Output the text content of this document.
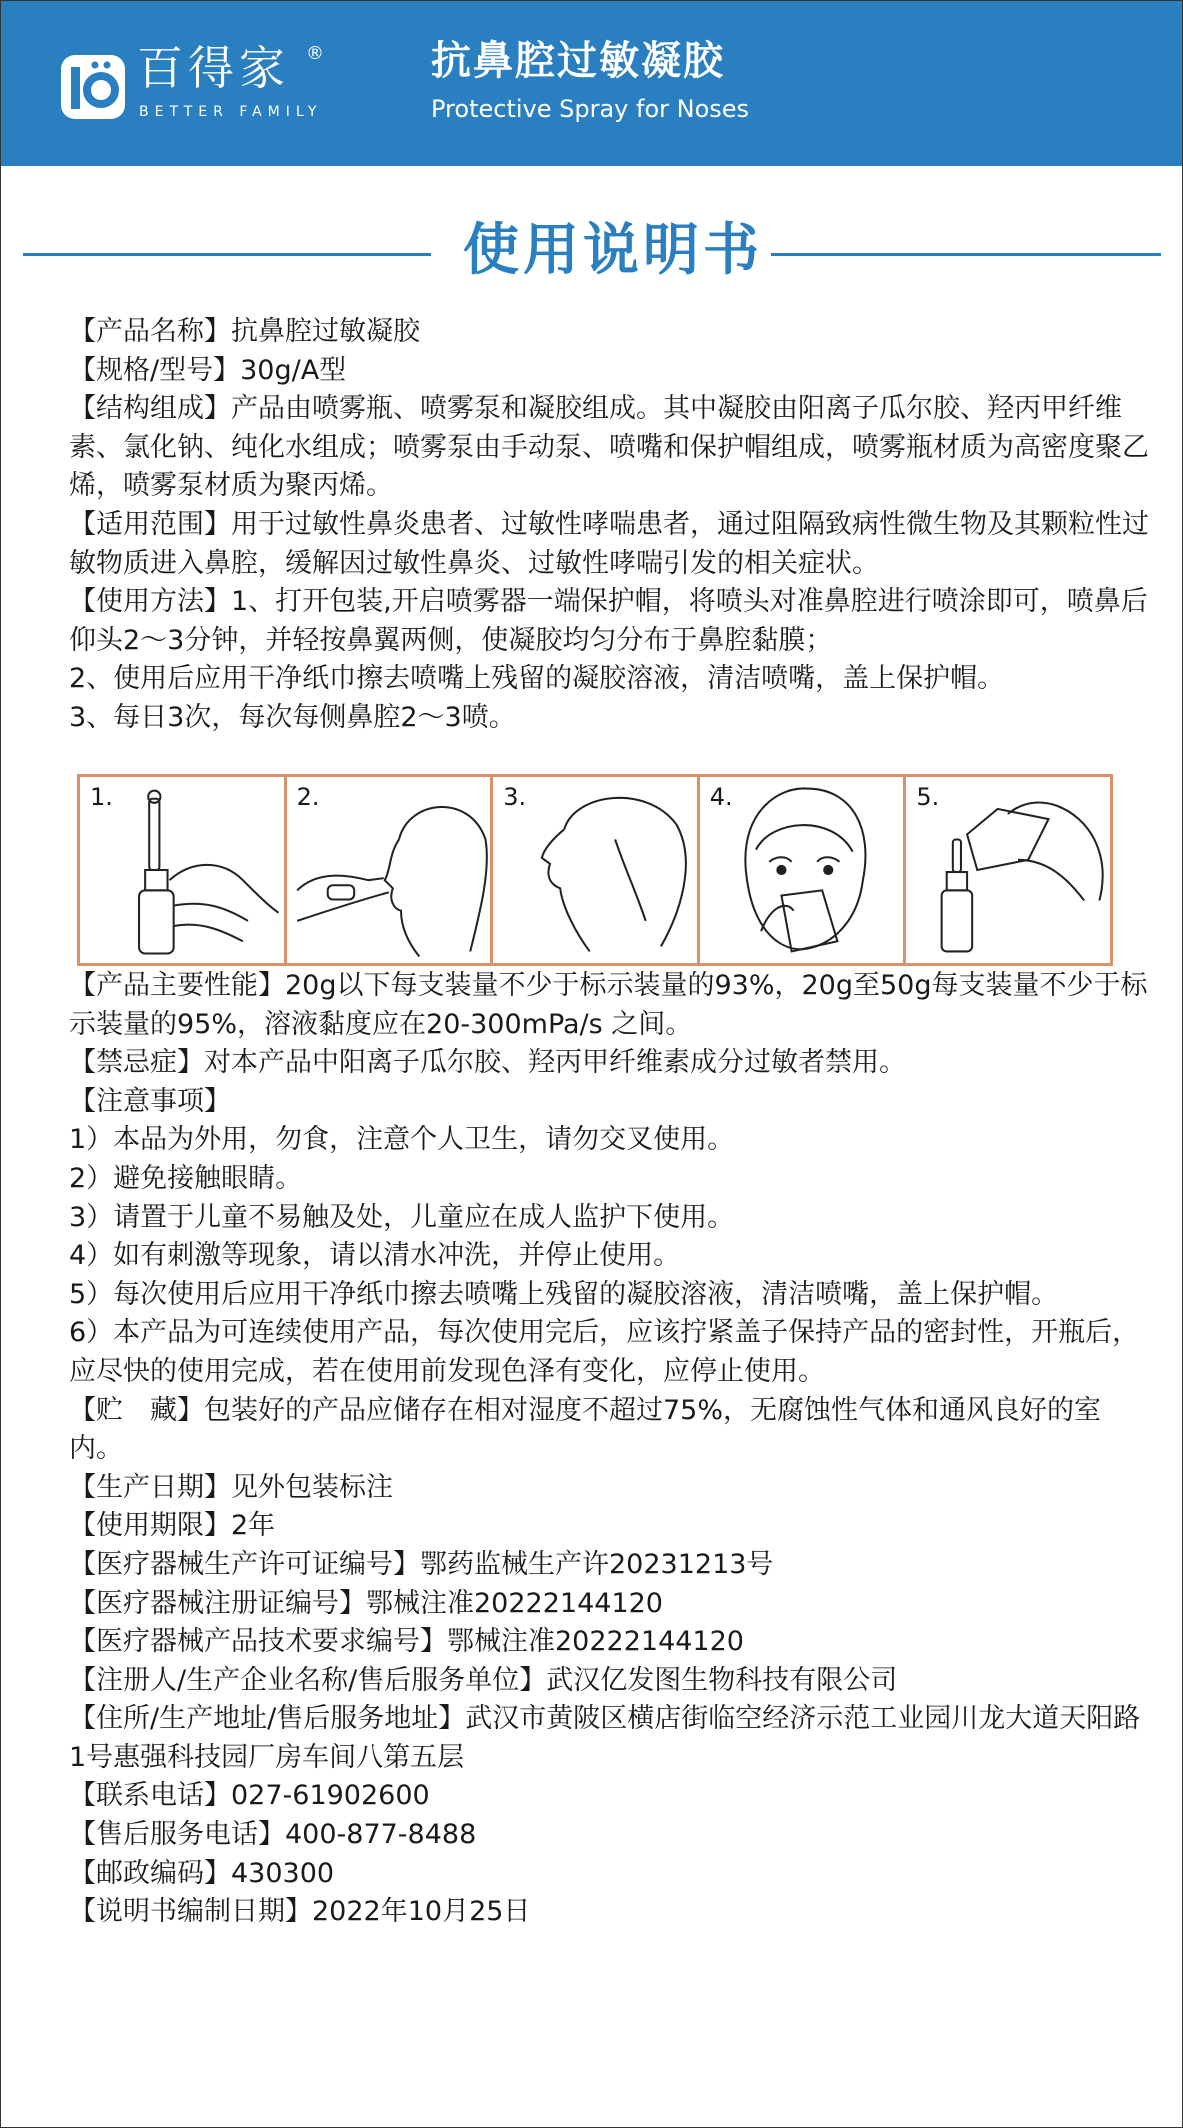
百得家 ®
BETTER FAMILY
抗鼻腔过敏凝胶
Protective Spray for Noses
使用说明书

【产品名称】抗鼻腔过敏凝胶

【规格/型号】30g/A型

【结构组成】产品由喷雾瓶、喷雾泵和凝胶组成。其中凝胶由阳离子瓜尔胶、羟丙甲纤维素、氯化钠、纯化水组成；喷雾泵由手动泵、喷嘴和保护帽组成，喷雾瓶材质为高密度聚乙烯，喷雾泵材质为聚丙烯。

【适用范围】用于过敏性鼻炎患者、过敏性哮喘患者，通过阻隔致病性微生物及其颗粒性过敏物质进入鼻腔，缓解因过敏性鼻炎、过敏性哮喘引发的相关症状。

【使用方法】1、打开包装,开启喷雾器一端保护帽，将喷头对准鼻腔进行喷涂即可，喷鼻后仰头2～3分钟，并轻按鼻翼两侧，使凝胶均匀分布于鼻腔黏膜；

2、使用后应用干净纸巾擦去喷嘴上残留的凝胶溶液，清洁喷嘴，盖上保护帽。

3、每日3次，每次每侧鼻腔2～3喷。

1.	2.	3.	4.	5.

【产品主要性能】20g以下每支装量不少于标示装量的93%，20g至50g每支装量不少于标示装量的95%，溶液黏度应在20-300mPa/s 之间。

【禁忌症】对本产品中阳离子瓜尔胶、羟丙甲纤维素成分过敏者禁用。

【注意事项】

1）本品为外用，勿食，注意个人卫生，请勿交叉使用。

2）避免接触眼睛。

3）请置于儿童不易触及处，儿童应在成人监护下使用。

4）如有刺激等现象，请以清水冲洗，并停止使用。

5）每次使用后应用干净纸巾擦去喷嘴上残留的凝胶溶液，清洁喷嘴，盖上保护帽。

6）本产品为可连续使用产品，每次使用完后，应该拧紧盖子保持产品的密封性，开瓶后，应尽快的使用完成，若在使用前发现色泽有变化，应停止使用。

【贮　藏】包装好的产品应储存在相对湿度不超过75%，无腐蚀性气体和通风良好的室内。

【生产日期】见外包装标注

【使用期限】2年

【医疗器械生产许可证编号】鄂药监械生产许20231213号

【医疗器械注册证编号】鄂械注准20222144120

【医疗器械产品技术要求编号】鄂械注准20222144120

【注册人/生产企业名称/售后服务单位】武汉亿发图生物科技有限公司

【住所/生产地址/售后服务地址】武汉市黄陂区横店街临空经济示范工业园川龙大道天阳路1号惠强科技园厂房车间八第五层

【联系电话】027-61902600

【售后服务电话】400-877-8488

【邮政编码】430300

【说明书编制日期】2022年10月25日
